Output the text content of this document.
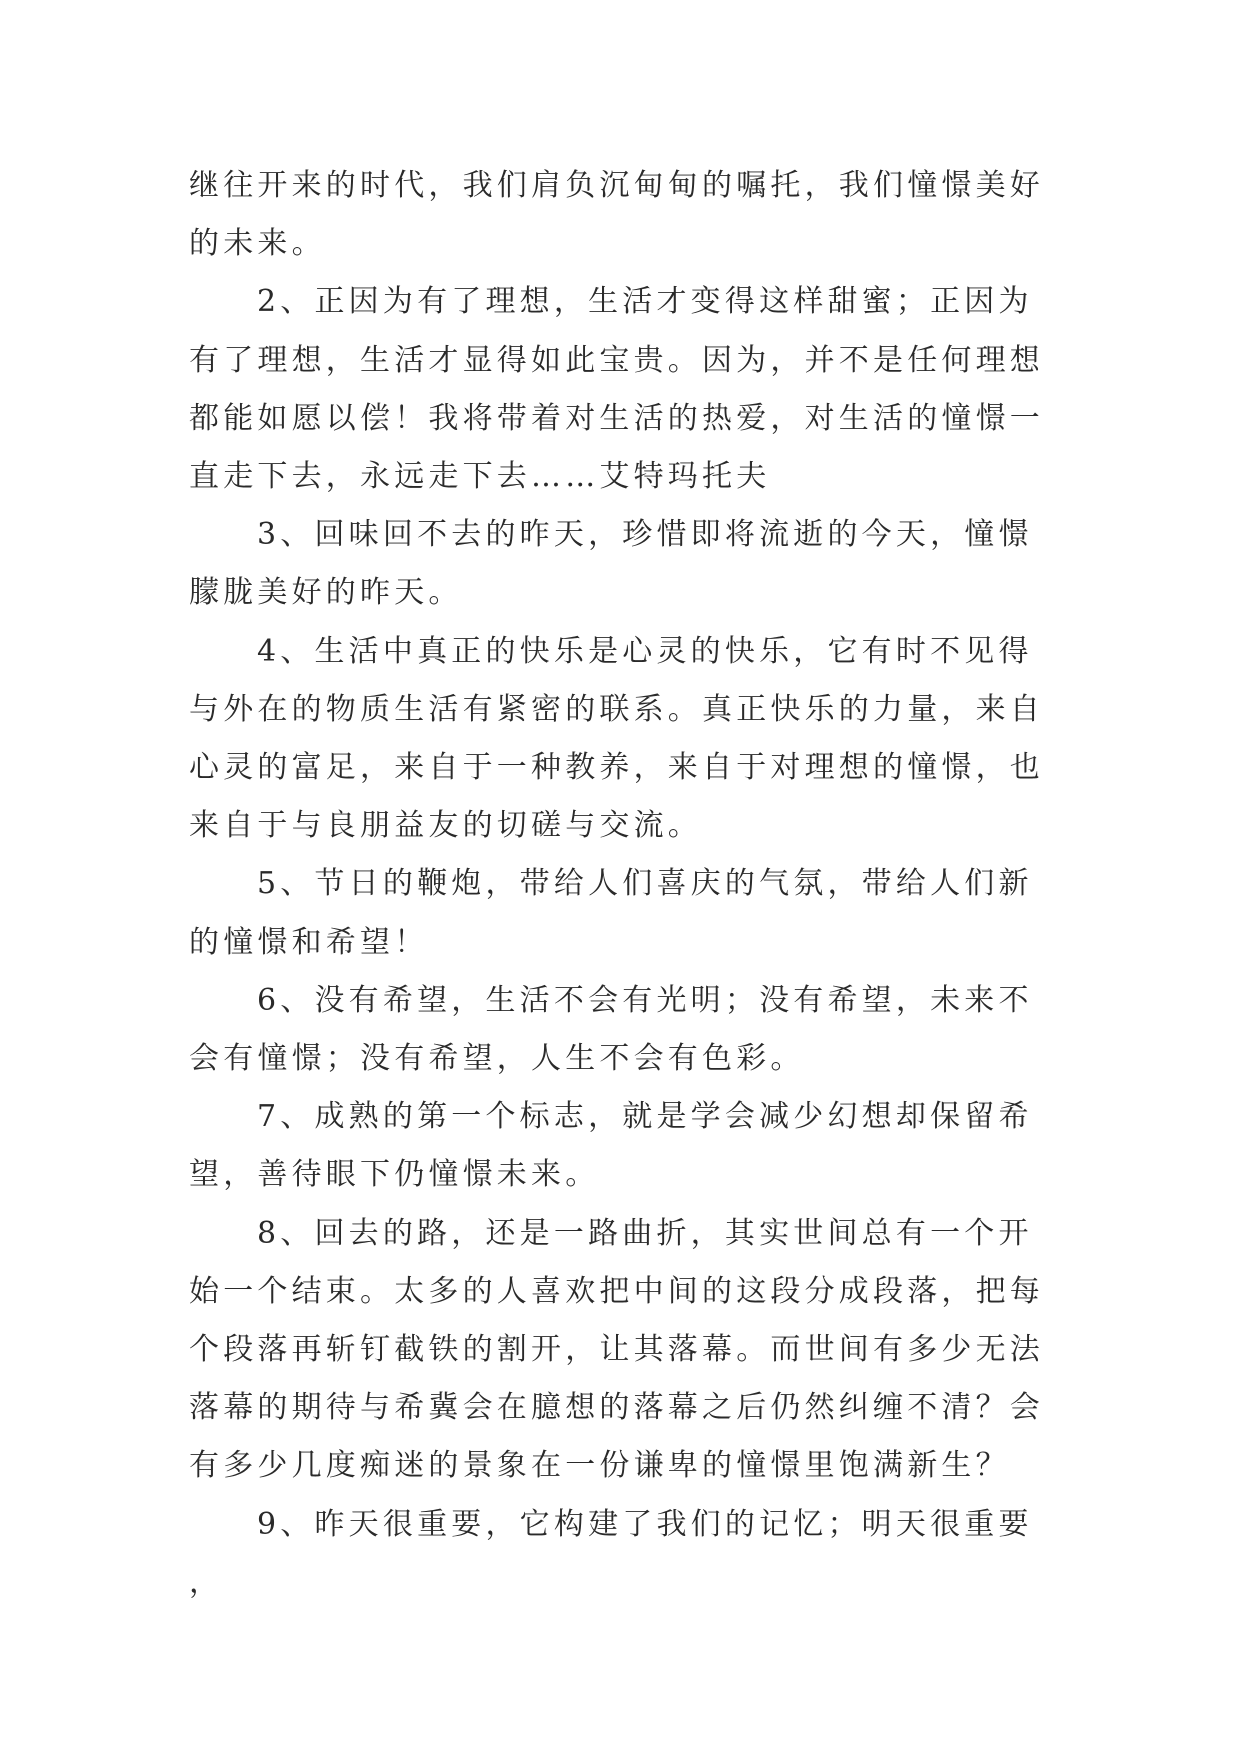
继往开来的时代，我们肩负沉甸甸的嘱托，我们憧憬美好的未来。

2、正因为有了理想，生活才变得这样甜蜜；正因为有了理想，生活才显得如此宝贵。因为，并不是任何理想都能如愿以偿！我将带着对生活的热爱，对生活的憧憬一直走下去，永远走下去……艾特玛托夫

3、回味回不去的昨天，珍惜即将流逝的今天，憧憬朦胧美好的昨天。

4、生活中真正的快乐是心灵的快乐，它有时不见得与外在的物质生活有紧密的联系。真正快乐的力量，来自心灵的富足，来自于一种教养，来自于对理想的憧憬，也来自于与良朋益友的切磋与交流。

5、节日的鞭炮，带给人们喜庆的气氛，带给人们新的憧憬和希望！

6、没有希望，生活不会有光明；没有希望，未来不会有憧憬；没有希望，人生不会有色彩。

7、成熟的第一个标志，就是学会减少幻想却保留希望，善待眼下仍憧憬未来。

8、回去的路，还是一路曲折，其实世间总有一个开始一个结束。太多的人喜欢把中间的这段分成段落，把每个段落再斩钉截铁的割开，让其落幕。而世间有多少无法落幕的期待与希冀会在臆想的落幕之后仍然纠缠不清？会有多少几度痴迷的景象在一份谦卑的憧憬里饱满新生？

9、昨天很重要，它构建了我们的记忆；明天很重要，
